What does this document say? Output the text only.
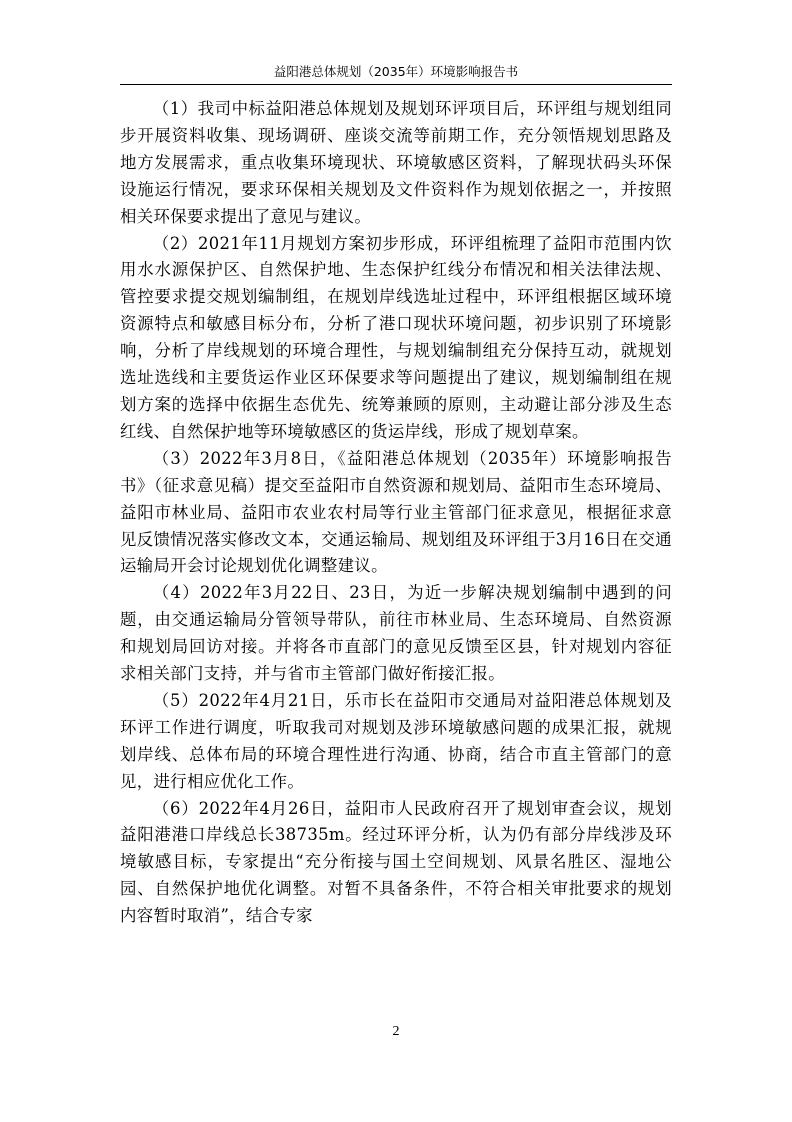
益阳港总体规划（2035年）环境影响报告书

（1）我司中标益阳港总体规划及规划环评项目后，环评组与规划组同步开展资料收集、现场调研、座谈交流等前期工作，充分领悟规划思路及地方发展需求，重点收集环境现状、环境敏感区资料，了解现状码头环保设施运行情况，要求环保相关规划及文件资料作为规划依据之一，并按照相关环保要求提出了意见与建议。

（2）2021年11月规划方案初步形成，环评组梳理了益阳市范围内饮用水水源保护区、自然保护地、生态保护红线分布情况和相关法律法规、管控要求提交规划编制组，在规划岸线选址过程中，环评组根据区域环境资源特点和敏感目标分布，分析了港口现状环境问题，初步识别了环境影响，分析了岸线规划的环境合理性，与规划编制组充分保持互动，就规划选址选线和主要货运作业区环保要求等问题提出了建议，规划编制组在规划方案的选择中依据生态优先、统筹兼顾的原则，主动避让部分涉及生态红线、自然保护地等环境敏感区的货运岸线，形成了规划草案。

（3）2022年3月8日，《益阳港总体规划（2035年）环境影响报告书》（征求意见稿）提交至益阳市自然资源和规划局、益阳市生态环境局、益阳市林业局、益阳市农业农村局等行业主管部门征求意见，根据征求意见反馈情况落实修改文本，交通运输局、规划组及环评组于3月16日在交通运输局开会讨论规划优化调整建议。

（4）2022年3月22日、23日，为近一步解决规划编制中遇到的问题，由交通运输局分管领导带队，前往市林业局、生态环境局、自然资源和规划局回访对接。并将各市直部门的意见反馈至区县，针对规划内容征求相关部门支持，并与省市主管部门做好衔接汇报。

（5）2022年4月21日，乐市长在益阳市交通局对益阳港总体规划及环评工作进行调度，听取我司对规划及涉环境敏感问题的成果汇报，就规划岸线、总体布局的环境合理性进行沟通、协商，结合市直主管部门的意见，进行相应优化工作。

（6）2022年4月26日，益阳市人民政府召开了规划审查会议，规划益阳港港口岸线总长38735m。经过环评分析，认为仍有部分岸线涉及环境敏感目标，专家提出“充分衔接与国土空间规划、风景名胜区、湿地公园、自然保护地优化调整。对暂不具备条件，不符合相关审批要求的规划内容暂时取消”，结合专家

2
